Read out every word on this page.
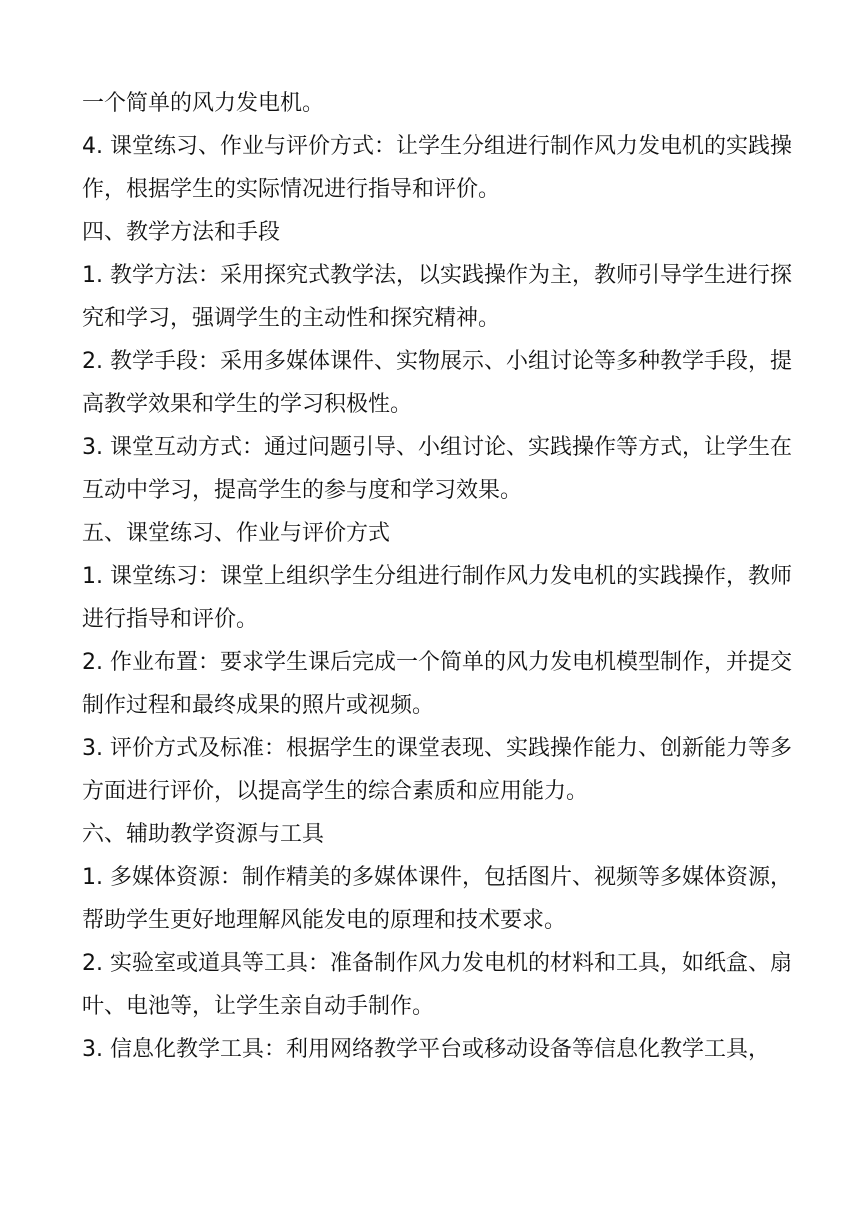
一个简单的风力发电机。

4. 课堂练习、作业与评价方式：让学生分组进行制作风力发电机的实践操作，根据学生的实际情况进行指导和评价。

四、教学方法和手段

1. 教学方法：采用探究式教学法，以实践操作为主，教师引导学生进行探究和学习，强调学生的主动性和探究精神。

2. 教学手段：采用多媒体课件、实物展示、小组讨论等多种教学手段，提高教学效果和学生的学习积极性。

3. 课堂互动方式：通过问题引导、小组讨论、实践操作等方式，让学生在互动中学习，提高学生的参与度和学习效果。

五、课堂练习、作业与评价方式

1. 课堂练习：课堂上组织学生分组进行制作风力发电机的实践操作，教师进行指导和评价。

2. 作业布置：要求学生课后完成一个简单的风力发电机模型制作，并提交制作过程和最终成果的照片或视频。

3. 评价方式及标准：根据学生的课堂表现、实践操作能力、创新能力等多方面进行评价，以提高学生的综合素质和应用能力。

六、辅助教学资源与工具

1. 多媒体资源：制作精美的多媒体课件，包括图片、视频等多媒体资源，帮助学生更好地理解风能发电的原理和技术要求。

2. 实验室或道具等工具：准备制作风力发电机的材料和工具，如纸盒、扇叶、电池等，让学生亲自动手制作。

3. 信息化教学工具：利用网络教学平台或移动设备等信息化教学工具，
